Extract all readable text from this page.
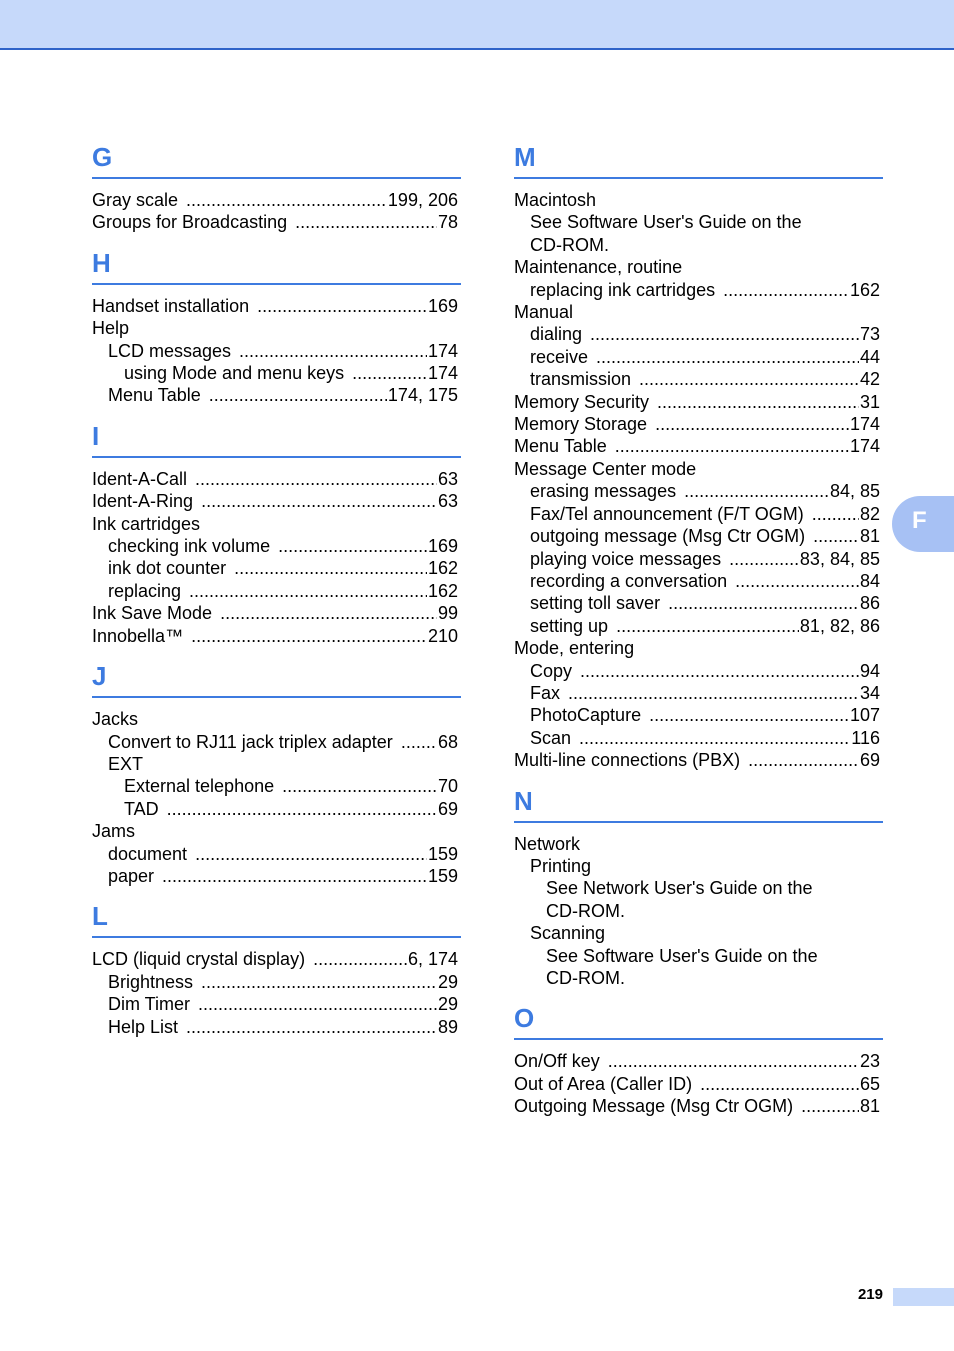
G
Gray scale .....	199, 206
Groups for Broadcasting .....	78
H
Handset installation .....	169
Help
LCD messages .....	174
using Mode and menu keys .....	174
Menu Table .....	174, 175
I
Ident-A-Call .....	63
Ident-A-Ring .....	63
Ink cartridges
checking ink volume .....	169
ink dot counter .....	162
replacing .....	162
Ink Save Mode .....	99
Innobella™ .....	210
J
Jacks
Convert to RJ11 jack triplex adapter .....	68
EXT
External telephone .....	70
TAD .....	69
Jams
document .....	159
paper .....	159
L
LCD (liquid crystal display) .....	6, 174
Brightness .....	29
Dim Timer .....	29
Help List .....	89
M
Macintosh
See Software User's Guide on the
CD-ROM.
Maintenance, routine
replacing ink cartridges .....	162
Manual
dialing .....	73
receive .....	44
transmission .....	42
Memory Security .....	31
Memory Storage .....	174
Menu Table .....	174
Message Center mode
erasing messages .....	84, 85
Fax/Tel announcement (F/T OGM) .....	82
outgoing message (Msg Ctr OGM) .....	81
playing voice messages .....	83, 84, 85
recording a conversation .....	84
setting toll saver .....	86
setting up .....	81, 82, 86
Mode, entering
Copy .....	94
Fax .....	34
PhotoCapture .....	107
Scan .....	116
Multi-line connections (PBX) .....	69
N
Network
Printing
See Network User's Guide on the
CD-ROM.
Scanning
See Software User's Guide on the
CD-ROM.
O
On/Off key .....	23
Out of Area (Caller ID) .....	65
Outgoing Message (Msg Ctr OGM) .....	81
F
219
